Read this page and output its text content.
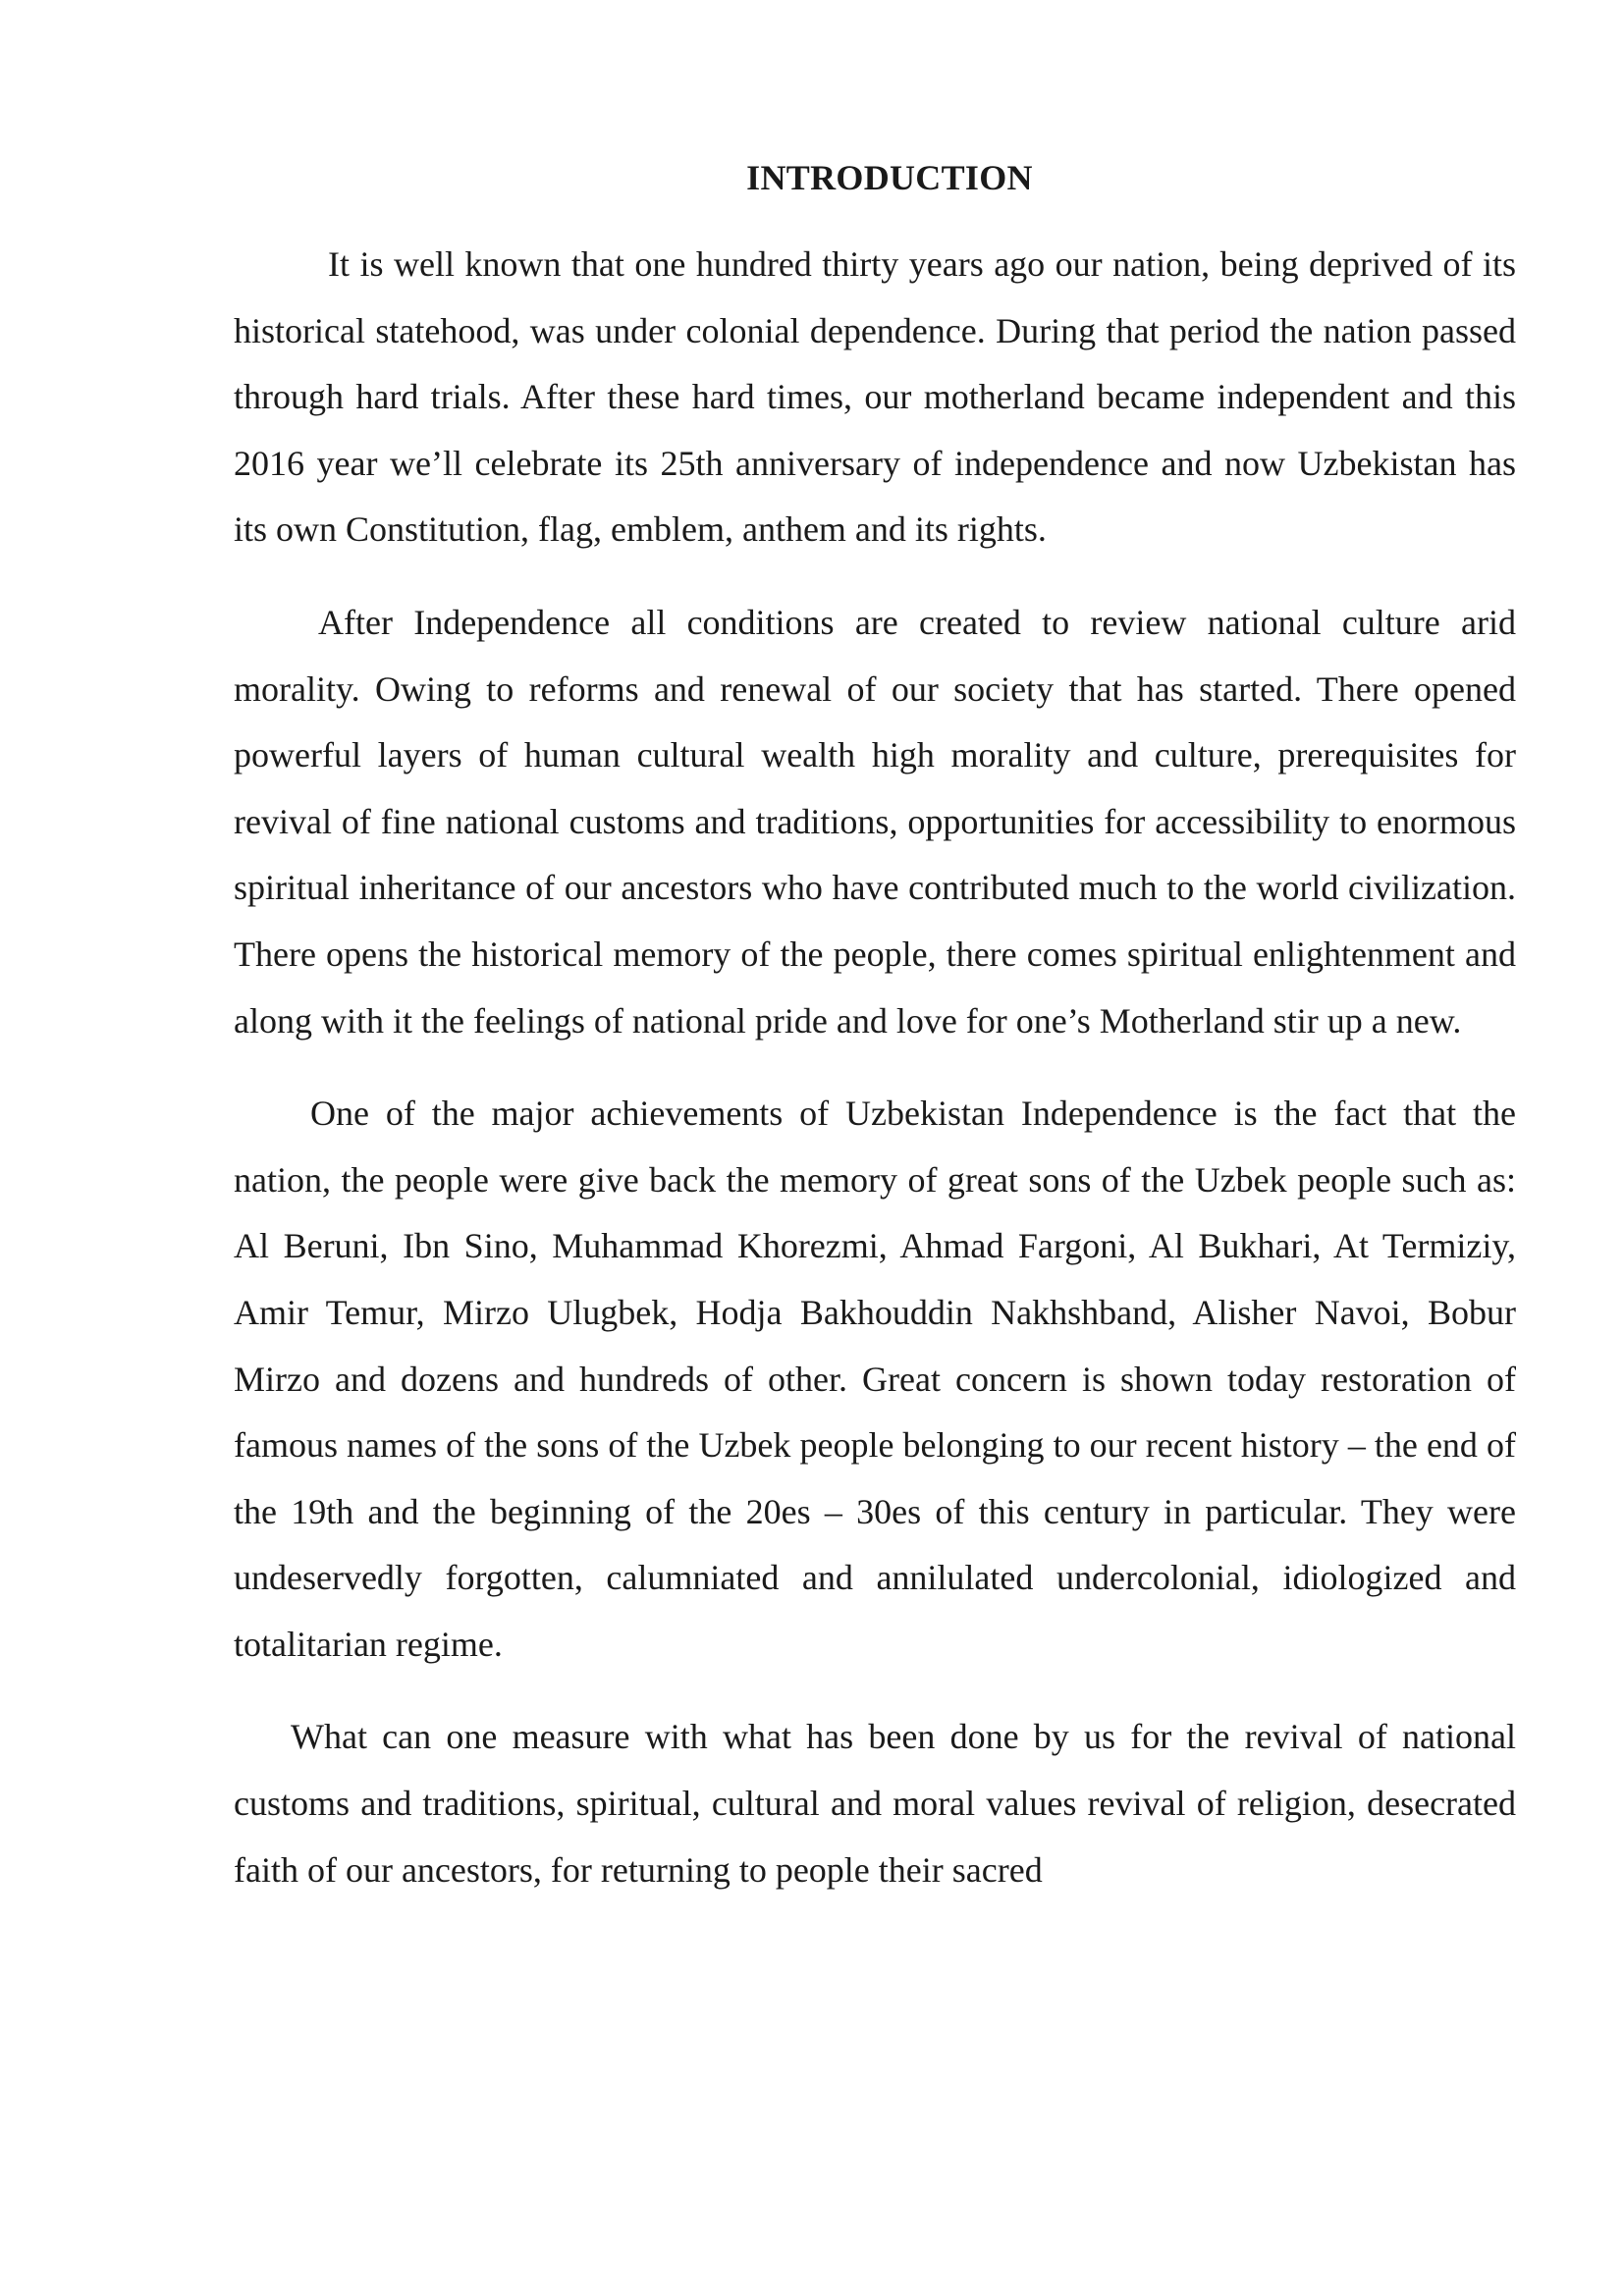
INTRODUCTION

It is well known that one hundred thirty years ago our nation, being deprived of its historical statehood, was under colonial dependence. During that period the nation passed through hard trials. After these hard times, our motherland became independent and this 2016 year we’ll celebrate its 25th anniversary of independence and now Uzbekistan has its own Constitution, flag, emblem, anthem and its rights.

After Independence all conditions are created to review national culture arid morality. Owing to reforms and renewal of our society that has started. There opened powerful layers of human cultural wealth high morality and culture, prerequisites for revival of fine national customs and traditions, opportunities for accessibility to enormous spiritual inheritance of our ancestors who have contributed much to the world civilization. There opens the historical memory of the people, there comes spiritual enlightenment and along with it the feelings of national pride and love for one’s Motherland stir up a new.

One of the major achievements of Uzbekistan Independence is the fact that the nation, the people were give back the memory of great sons of the Uzbek people such as: Al Beruni, Ibn Sino, Muhammad Khorezmi, Ahmad Fargoni, Al Bukhari, At Termiziy, Amir Temur, Mirzo Ulugbek, Hodja Bakhouddin Nakhshband, Alisher Navoi, Bobur Mirzo and dozens and hundreds of other. Great concern is shown today restoration of famous names of the sons of the Uzbek people belonging to our recent history – the end of the 19th and the beginning of the 20es – 30es of this century in particular. They were undeservedly forgotten, calumniated and annilulated undercolonial, idiologized and totalitarian regime.

What can one measure with what has been done by us for the revival of national customs and traditions, spiritual, cultural and moral values revival of religion, desecrated faith of our ancestors, for returning to people their sacred
